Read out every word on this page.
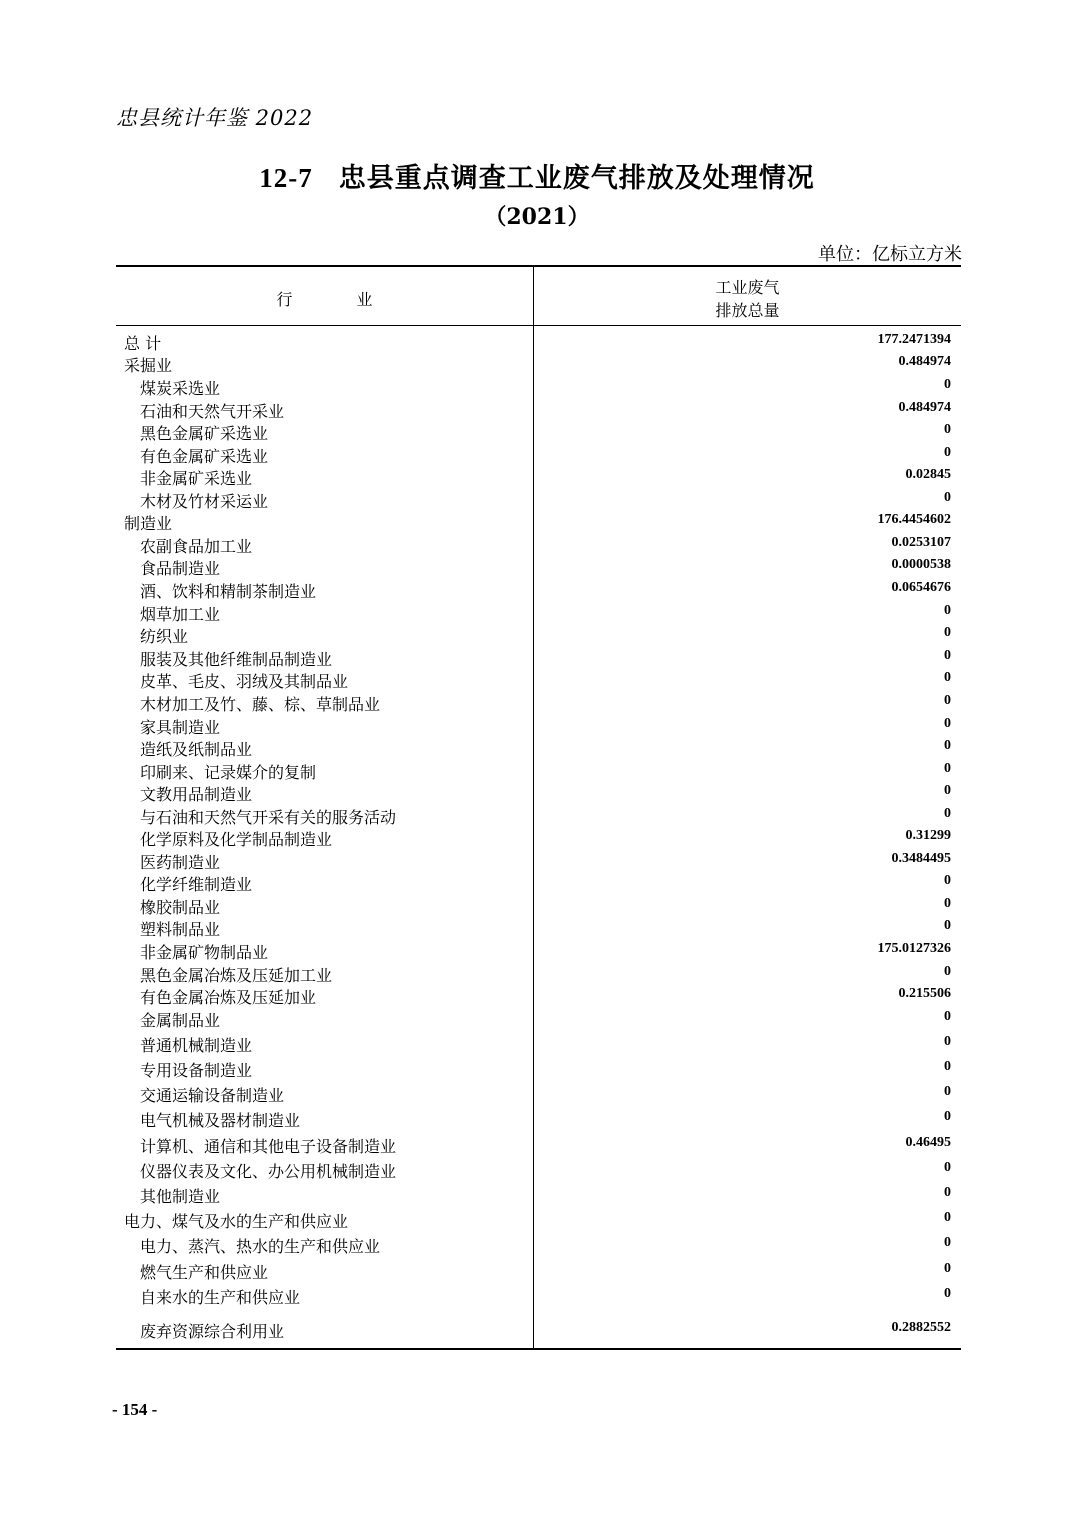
忠县统计年鉴 2022
12-7 忠县重点调查工业废气排放及处理情况
（2021）
单位：亿标立方米
行	业
工业废气
排放总量
总 计	177.2471394
采掘业	0.484974
煤炭采选业	0
石油和天然气开采业	0.484974
黑色金属矿采选业	0
有色金属矿采选业	0
非金属矿采选业	0.02845
木材及竹材采运业	0
制造业	176.4454602
农副食品加工业	0.0253107
食品制造业	0.0000538
酒、饮料和精制茶制造业	0.0654676
烟草加工业	0
纺织业	0
服装及其他纤维制品制造业	0
皮革、毛皮、羽绒及其制品业	0
木材加工及竹、藤、棕、草制品业	0
家具制造业	0
造纸及纸制品业	0
印刷来、记录媒介的复制	0
文教用品制造业	0
与石油和天然气开采有关的服务活动	0
化学原料及化学制品制造业	0.31299
医药制造业	0.3484495
化学纤维制造业	0
橡胶制品业	0
塑料制品业	0
非金属矿物制品业	175.0127326
黑色金属冶炼及压延加工业	0
有色金属冶炼及压延加业	0.215506
金属制品业	0
普通机械制造业	0
专用设备制造业	0
交通运输设备制造业	0
电气机械及器材制造业	0
计算机、通信和其他电子设备制造业	0.46495
仪器仪表及文化、办公用机械制造业	0
其他制造业	0
电力、煤气及水的生产和供应业	0
电力、蒸汽、热水的生产和供应业	0
燃气生产和供应业	0
自来水的生产和供应业	0
废弃资源综合利用业	0.2882552
- 154 -
